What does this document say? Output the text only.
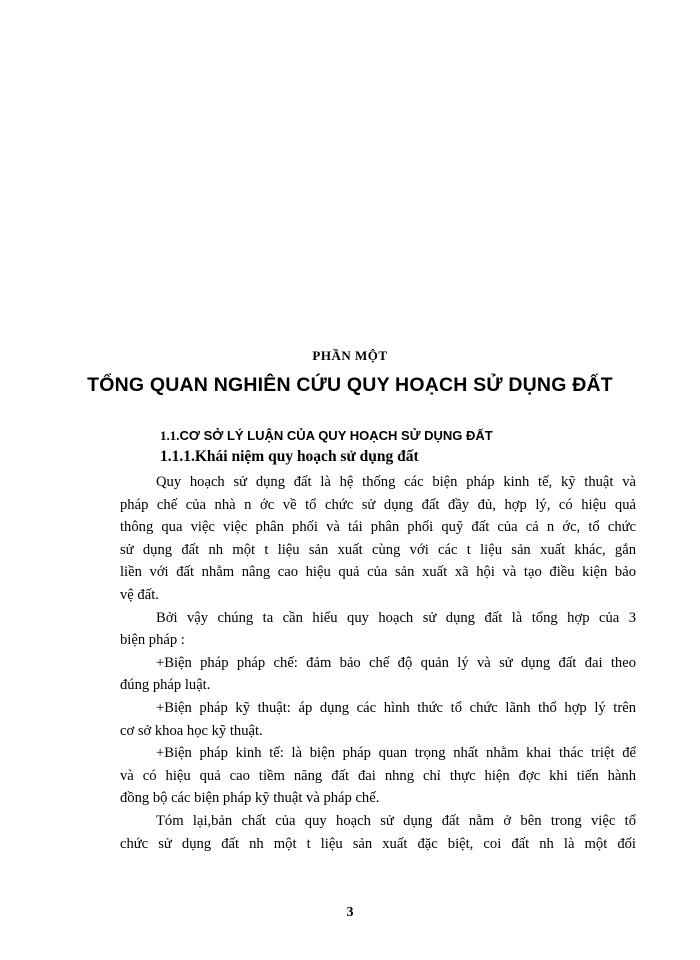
PHẦN MỘT
TỔNG QUAN NGHIÊN CỨU QUY HOẠCH SỬ DỤNG ĐẤT
1.1.CƠ SỞ LÝ LUẬN CỦA QUY HOẠCH SỬ DỤNG ĐẤT
1.1.1.Khái niệm quy hoạch sử dụng đất

Quy hoạch sử dụng đất là hệ thống các biện pháp kinh tế, kỹ thuật và

pháp chế của nhà n ớc về tổ chức sử dụng đất đầy đủ, hợp lý, có hiệu quả

thông qua việc việc phân phối và tái phân phối quỹ đất của cả n ớc, tổ chức

sử dụng đất nh một t liệu sản xuất cùng với các t liệu sản xuất khác, gắn

liền với đất nhằm nâng cao hiệu quả của sản xuất xã hội và tạo điều kiện bảo

vệ đất.

Bởi vậy chúng ta cần hiểu quy hoạch sử dụng đất là tổng hợp của 3

biện pháp :

+Biện pháp pháp chế: đảm bảo chế độ quản lý và sử dụng đất đai theo

đúng pháp luật.

+Biện pháp kỹ thuật: áp dụng các hình thức tổ chức lãnh thổ hợp lý trên

cơ sở khoa học kỹ thuật.

+Biện pháp kinh tế: là biện pháp quan trọng nhất nhằm khai thác triệt để

và có hiệu quả cao tiềm năng đất đai nhng chỉ thực hiện đợc khi tiến hành

đồng bộ các biện pháp kỹ thuật và pháp chế.

Tóm lại,bản chất của quy hoạch sử dụng đất nằm ở bên trong việc tổ

chức sử dụng đất nh một t liệu sản xuất đặc biệt, coi đất nh là một đối

3
